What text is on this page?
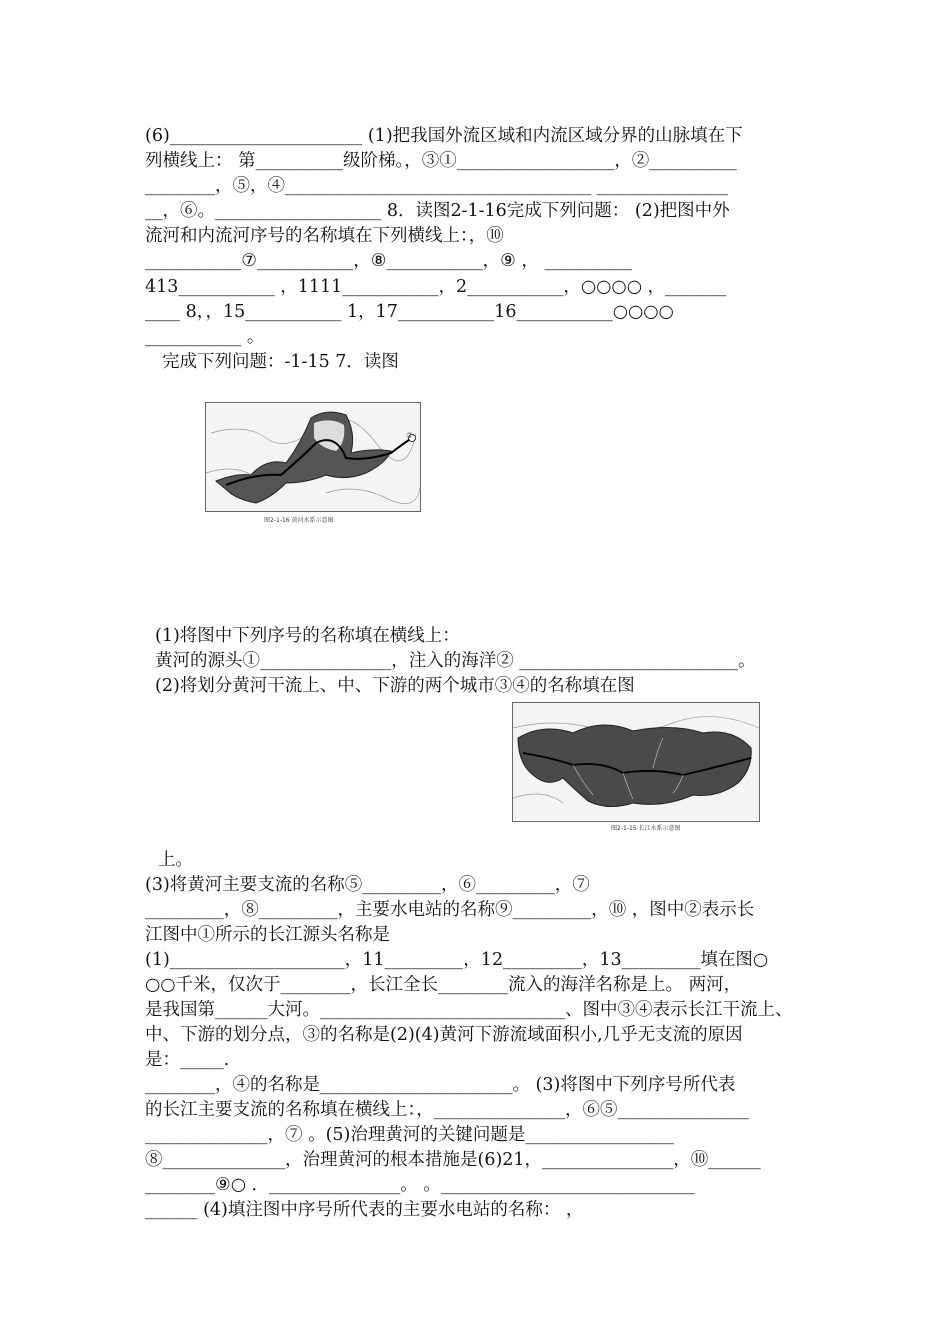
(6)______________________ (1)把我国外流区域和内流区域分界的山脉填在下
列横线上： 第__________级阶梯。，③①__________________，②__________
________，⑤，④___________________________________ _______________
__，⑥。___________________ 8．读图2-1-16完成下列问题： (2)把图中外
流河和内流河序号的名称填在下列横线上：，⑩
___________⑦___________，⑧___________，⑨ ， __________
413___________ ，1111___________，2___________，○○○○ ，_______
____ 8，，15___________ 1，17___________16___________○○○○
___________ 。
完成下列问题：-1-15 7．读图
②
图2-1-16 黄河水系示意图
(1)将图中下列序号的名称填在横线上：
黄河的源头①_______________，注入的海洋② _________________________。
(2)将划分黄河干流上、中、下游的两个城市③④的名称填在图
图2-1-15 长江水系示意图
上。
(3)将黄河主要支流的名称⑤_________，⑥_________，⑦
_________，⑧_________，主要水电站的名称⑨_________，⑩ ，图中②表示长
江图中①所示的长江源头名称是
(1)____________________，11_________，12_________，13_________填在图○
○○千米，仅次于________，长江全长________流入的海洋名称是上。 两河，
是我国第______大河。____________________________、图中③④表示长江干流上、
中、下游的划分点，③的名称是(2)(4)黄河下游流域面积小,几乎无支流的原因
是：_____.
________，④的名称是______________________。 (3)将图中下列序号所代表
的长江主要支流的名称填在横线上：，_______________，⑥⑤_______________
______________，⑦ 。(5)治理黄河的关键问题是_________________
⑧______________，治理黄河的根本措施是(6)21，_______________，⑩______
________⑨○ ．_______________。 。_____________________________
______ (4)填注图中序号所代表的主要水电站的名称： ，
